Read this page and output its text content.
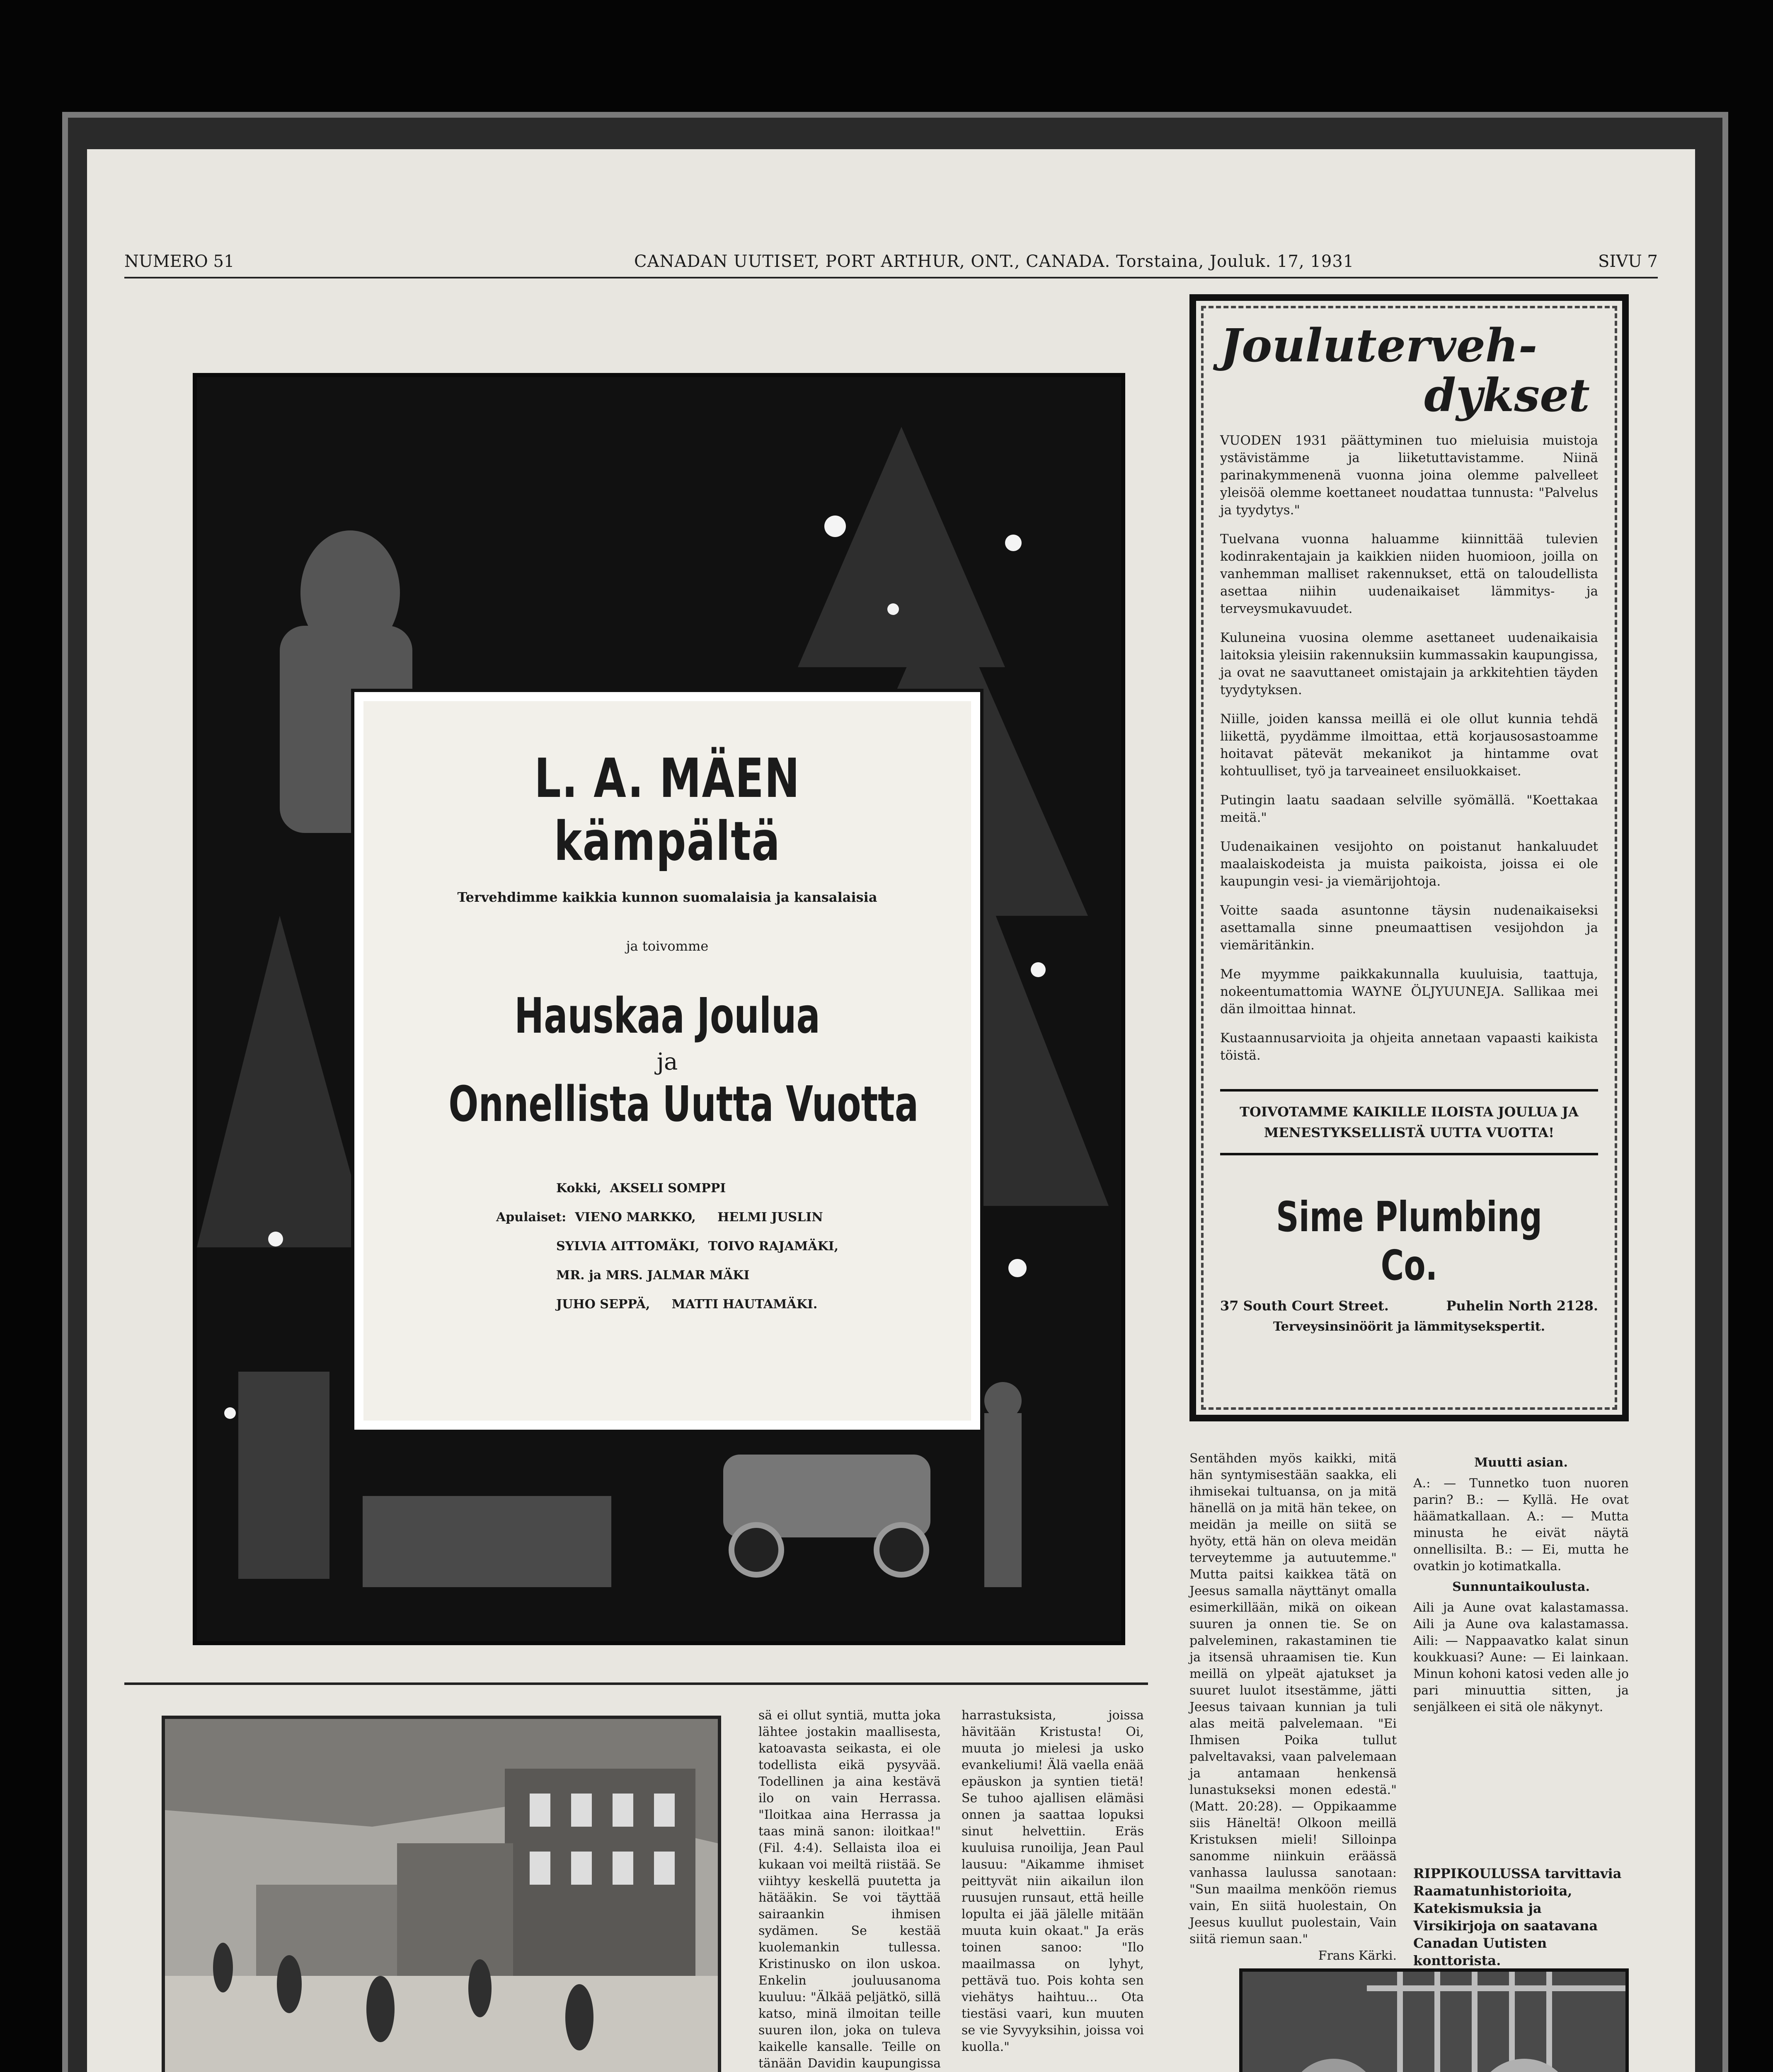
NUMERO 51	CANADAN UUTISET, PORT ARTHUR, ONT., CANADA. Torstaina, Jouluk. 17, 1931	SIVU 7
L. A. MÄEN kämpältä
Tervehdimme kaikkia kunnon suomalaisia ja kansalaisia
ja toivomme
Hauskaa Joulua
ja
Onnellista Uutta Vuotta
Kokki,  AKSELI SOMPPI
Apulaiset: VIENO MARKKO,     HELMI JUSLIN
SYLVIA AITTOMÄKI,  TOIVO RAJAMÄKI,
MR. ja MRS. JALMAR MÄKI
JUHO SEPPÄ,     MATTI HAUTAMÄKI.
Jouluterveh-
dykset

VUODEN 1931 päättyminen tuo mieluisia muistoja ystävistämme ja liiketuttavistamme. Niinä parinakymmenenä vuonna joina olemme palvelleet yleisöä olemme koettaneet noudattaa tunnusta: "Palvelus ja tyydytys."

Tuelvana vuonna haluamme kiinnittää tulevien kodinrakentajain ja kaikkien niiden huomioon, joilla on vanhemman malliset rakennukset, että on taloudellista asettaa niihin uudenaikaiset lämmitys- ja terveysmukavuudet.

Kuluneina vuosina olemme asettaneet uudenaikaisia laitoksia yleisiin rakennuksiin kummassakin kaupungissa, ja ovat ne saavuttaneet omistajain ja arkkitehtien täyden tyydytyksen.

Niille, joiden kanssa meillä ei ole ollut kunnia tehdä liikettä, pyydämme ilmoittaa, että korjausosastoamme hoitavat pätevät mekanikot ja hintamme ovat kohtuulliset, työ ja tarveaineet ensiluokkaiset.

Putingin laatu saadaan selville syömällä. "Koettakaa meitä."

Uudenaikainen vesijohto on poistanut hankaluudet maalaiskodeista ja muista paikoista, joissa ei ole kaupungin vesi- ja viemärijohtoja.

Voitte saada asuntonne täysin nudenaikaiseksi asettamalla sinne pneumaattisen vesijohdon ja viemäritänkin.

Me myymme paikkakunnalla kuuluisia, taattuja, nokeentumattomia WAYNE ÖLJYUUNEJA. Sallikaa mei dän ilmoittaa hinnat.

Kustaannusarvioita ja ohjeita annetaan vapaasti kaikista töistä.

TOIVOTAMME KAIKILLE ILOISTA JOULUA JA MENESTYKSELLISTÄ UUTTA VUOTTA!
Sime Plumbing Co.
37 South Court Street.	Puhelin North 2128.
Terveysinsinöörit ja lämmitysekspertit.
Sentähden myös kaikki, mitä hän syntymisestään saakka, eli ihmisekai tultuansa, on ja mitä hänellä on ja mitä hän tekee, on meidän ja meille on siitä se hyöty, että hän on oleva meidän terveytemme ja autuutemme." Mutta paitsi kaikkea tätä on Jeesus samalla näyttänyt omalla esimerkillään, mikä on oikean suuren ja onnen tie. Se on palveleminen, rakastaminen tie ja itsensä uhraamisen tie. Kun meillä on ylpeät ajatukset ja suuret luulot itsestämme, jätti Jeesus taivaan kunnian ja tuli alas meitä palvelemaan. "Ei Ihmisen Poika tullut palveltavaksi, vaan palvelemaan ja antamaan henkensä lunastukseksi monen edestä." (Matt. 20:28). — Oppikaamme siis Häneltä! Olkoon meillä Kristuksen mieli! Silloinpa sanomme niinkuin eräässä vanhassa laulussa sanotaan: "Sun maailma menköön riemus vain, En siitä huolestain, On Jeesus kuullut puolestain, Vain siitä riemun saan."
Frans Kärki.
Muutti asian.
A.: — Tunnetko tuon nuoren parin? B.: — Kyllä. He ovat häämatkallaan. A.: — Mutta minusta he eivät näytä onnellisilta. B.: — Ei, mutta he ovatkin jo kotimatkalla.
Sunnuntaikoulusta.
Aili ja Aune ovat kalastamassa. Aili ja Aune ova kalastamassa. Aili: — Nappaavatko kalat sinun koukkuasi? Aune: — Ei lainkaan. Minun kohoni katosi veden alle jo pari minuuttia sitten, ja senjälkeen ei sitä ole näkynyt.
RIPPIKOULUSSA tarvittavia Raamatunhistorioita, Katekismuksia ja Virsikirjoja on saatavana Canadan Uutisten konttorista.
sä ei ollut syntiä, mutta joka lähtee jostakin maallisesta, katoavasta seikasta, ei ole todellista eikä pysyvää. Todellinen ja aina kestävä ilo on vain Herrassa. "Iloitkaa aina Herrassa ja taas minä sanon: iloitkaa!" (Fil. 4:4). Sellaista iloa ei kukaan voi meiltä riistää. Se viihtyy keskellä puutetta ja hätääkin. Se voi täyttää sairaankin ihmisen sydämen. Se kestää kuolemankin tullessa. Kristinusko on ilon uskoa. Enkelin jouluusanoma kuuluu: "Älkää peljätkö, sillä katso, minä ilmoitan teille suuren ilon, joka on tuleva kaikelle kansalle. Teille on tänään Davidin kaupungissa
harrastuksista, joissa hävitään Kristusta! Oi, muuta jo mielesi ja usko evankeliumi! Älä vaella enää epäuskon ja syntien tietä! Se tuhoo ajallisen elämäsi onnen ja saattaa lopuksi sinut helvettiin. Eräs kuuluisa runoilija, Jean Paul lausuu: "Aikamme ihmiset peittyvät niin aikailun ilon ruusujen runsaut, että heille lopulta ei jää jälelle mitään muuta kuin okaat." Ja eräs toinen sanoo: "Ilo maailmassa on lyhyt, pettävä tuo. Pois kohta sen viehätys haihtuu... Ota tiestäsi vaari, kun muuten se vie Syvyyksihin, joissa voi kuolla."
